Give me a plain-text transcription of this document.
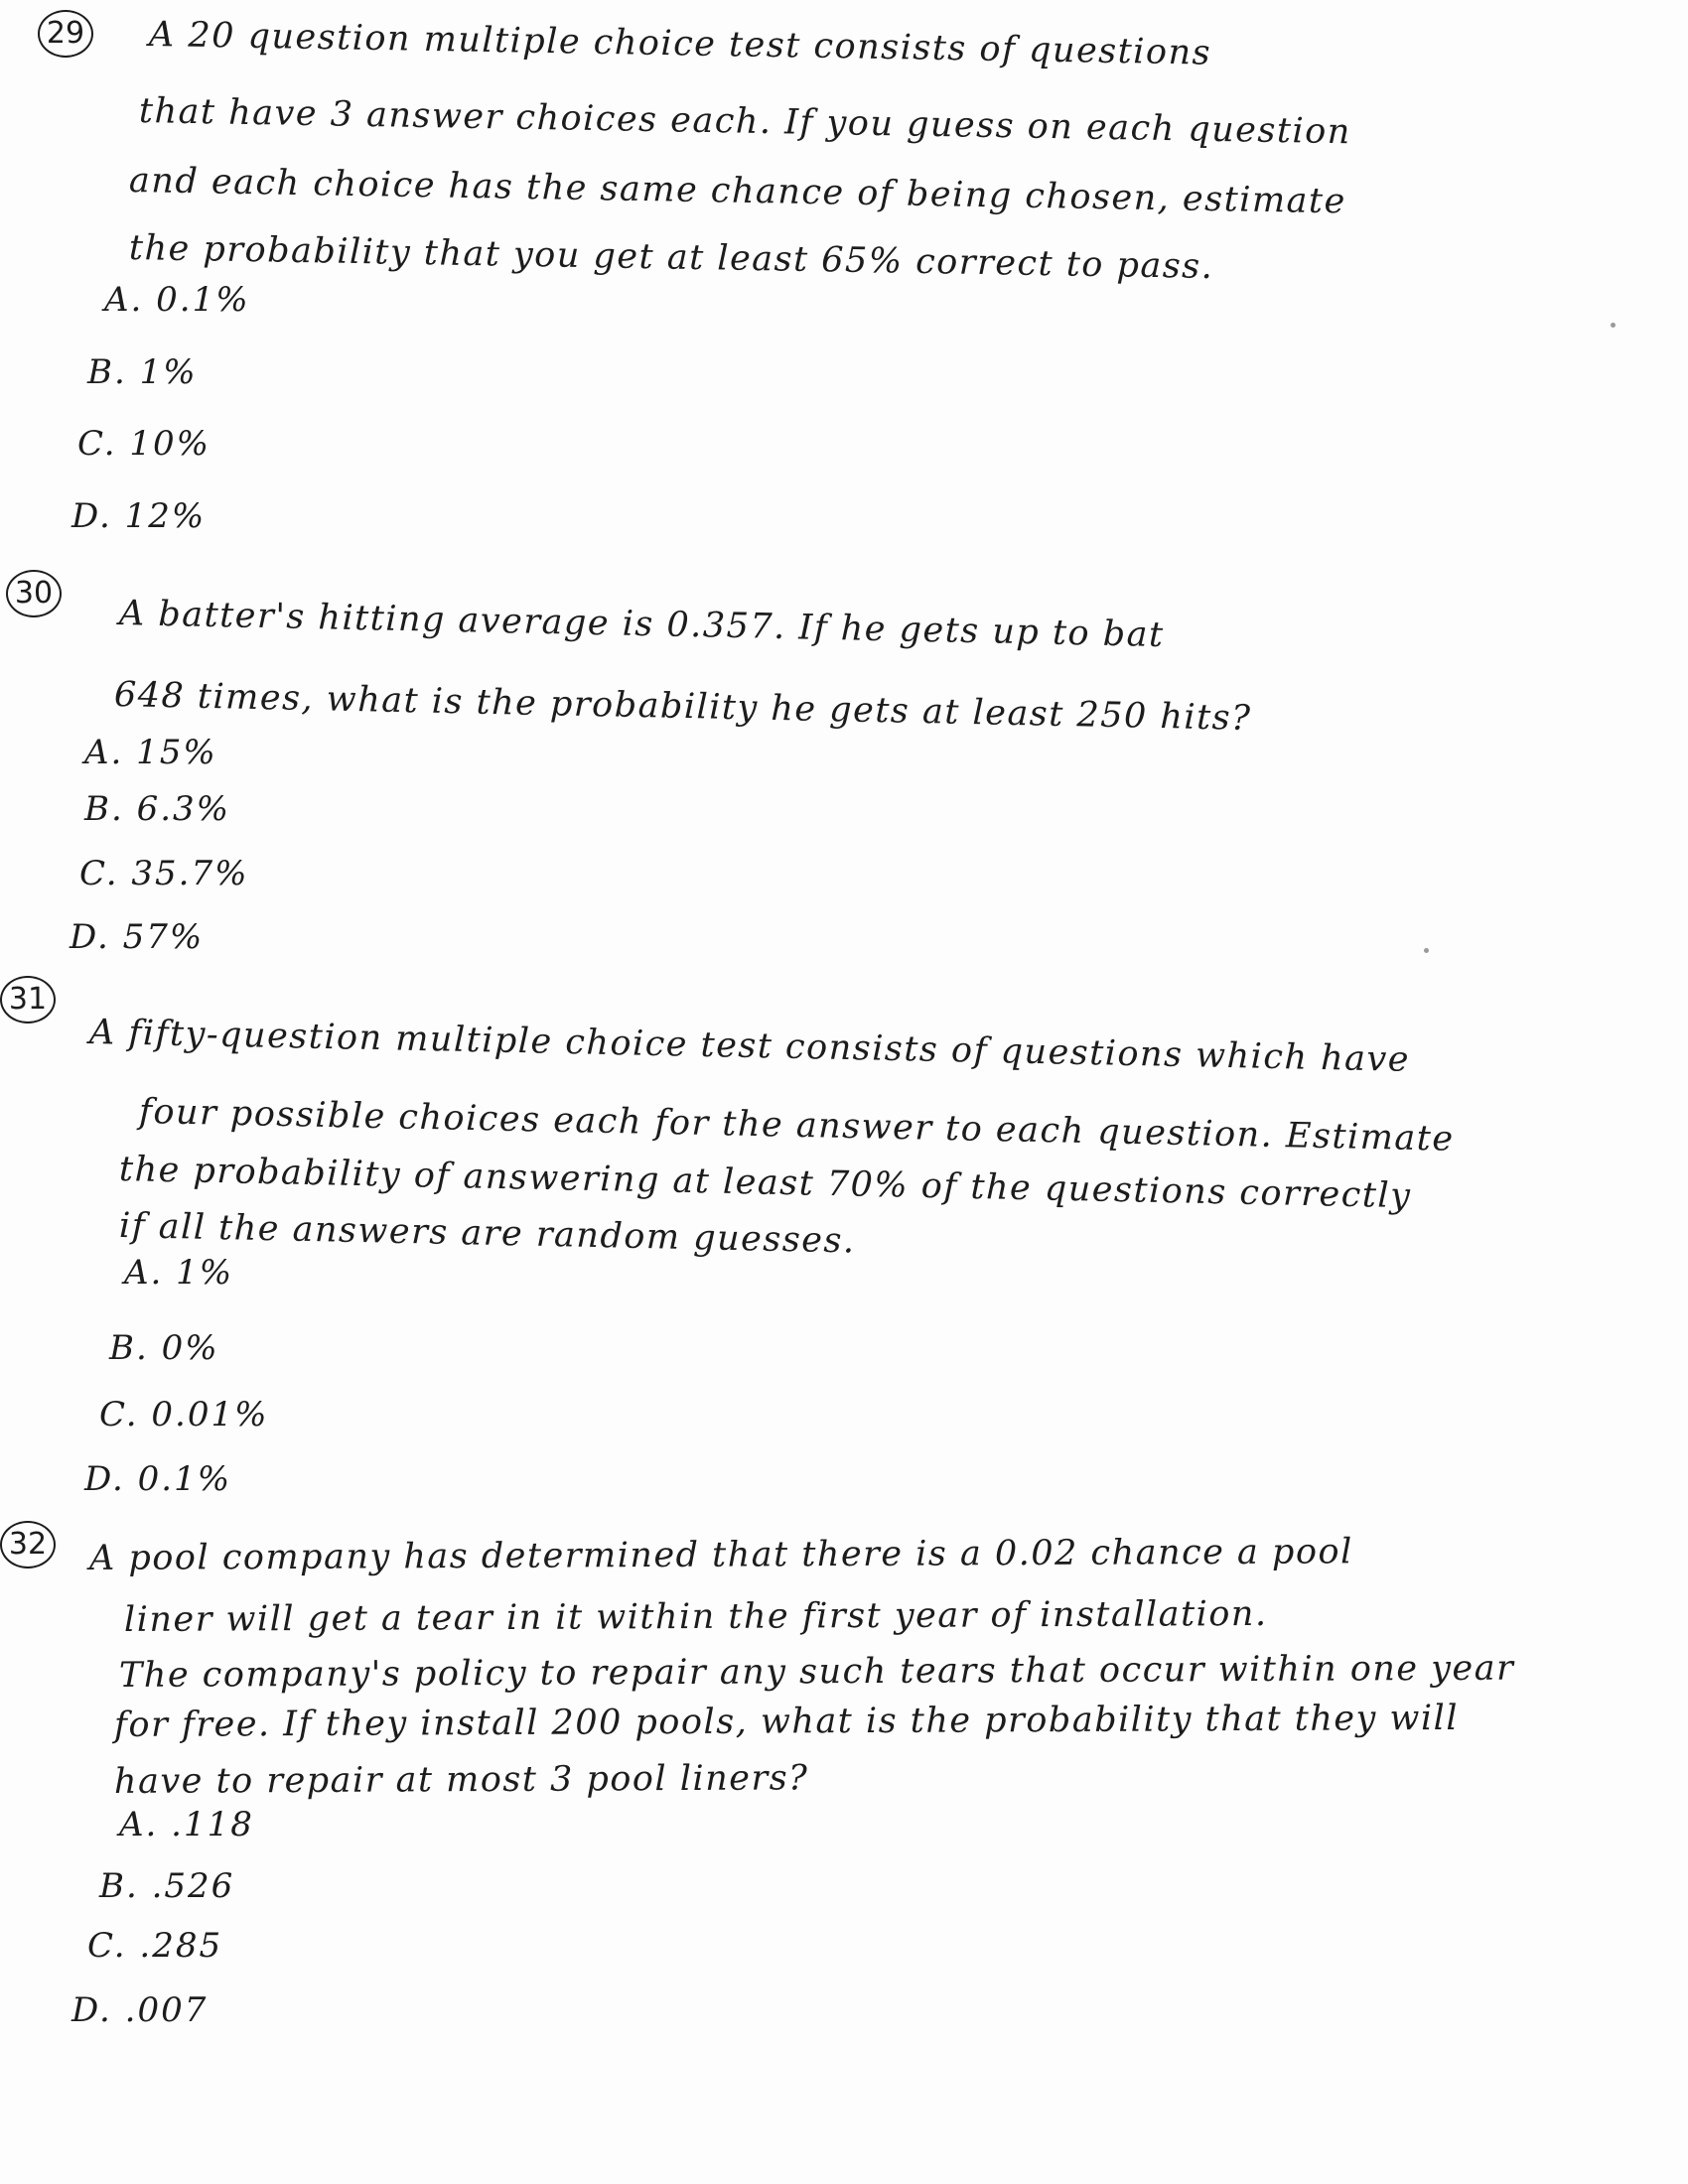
29 A 20 question multiple choice test consists of questions
that have 3 answer choices each. If you guess on each question
and each choice has the same chance of being chosen, estimate
the probability that you get at least 65% correct to pass.
A. 0.1%
B. 1%
C. 10%
D. 12%
30
A batter's hitting average is 0.357. If he gets up to bat
648 times, what is the probability he gets at least 250 hits?
A. 15%
B. 6.3%
C. 35.7%
D. 57%
31
A fifty-question multiple choice test consists of questions which have
four possible choices each for the answer to each question. Estimate
the probability of answering at least 70% of the questions correctly
if all the answers are random guesses.
A. 1%
B. 0%
C. 0.01%
D. 0.1%
32 A pool company has determined that there is a 0.02 chance a pool
liner will get a tear in it within the first year of installation.
The company's policy to repair any such tears that occur within one year
for free. If they install 200 pools, what is the probability that they will
have to repair at most 3 pool liners?
A. .118
B. .526
C. .285
D. .007
